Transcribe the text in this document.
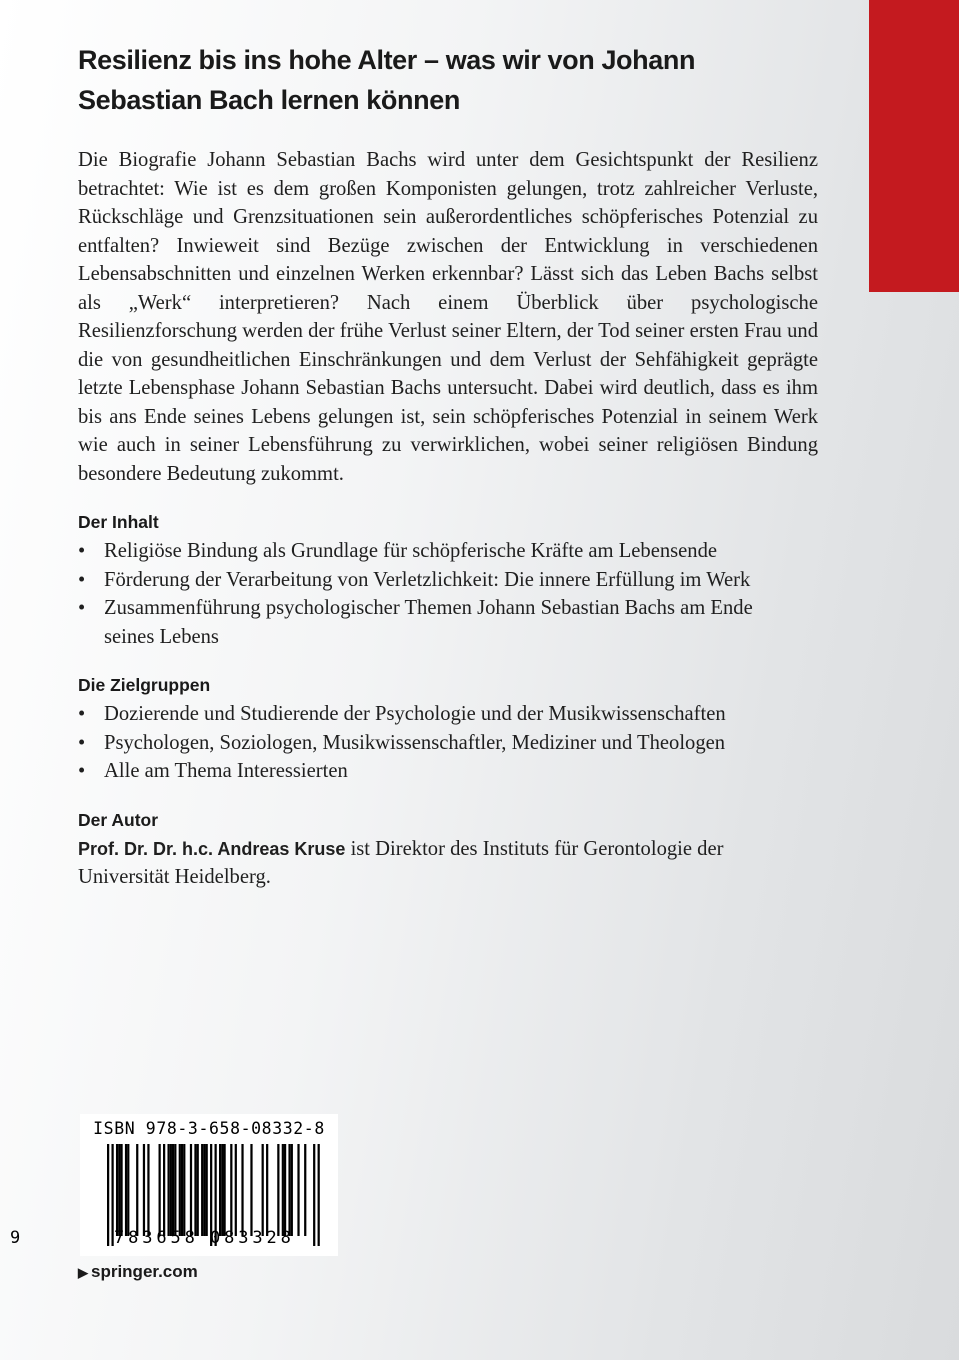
Resilienz bis ins hohe Alter – was wir von Johann Sebastian Bach lernen können

Die Biografie Johann Sebastian Bachs wird unter dem Gesichtspunkt der Resilienz betrachtet: Wie ist es dem großen Komponisten gelungen, trotz zahlreicher Verluste, Rückschläge und Grenzsituationen sein außerordentliches schöpferisches Potenzial zu entfalten? Inwieweit sind Bezüge zwischen der Entwicklung in verschiedenen Lebensabschnitten und einzelnen Werken erkennbar? Lässt sich das Leben Bachs selbst als „Werk“ interpretieren? Nach einem Überblick über psychologische Resilienzforschung werden der frühe Verlust seiner Eltern, der Tod seiner ersten Frau und die von gesundheitlichen Einschränkungen und dem Verlust der Sehfähigkeit geprägte letzte Lebensphase Johann Sebastian Bachs untersucht. Dabei wird deutlich, dass es ihm bis ans Ende seines Lebens gelungen ist, sein schöpferisches Potenzial in seinem Werk wie auch in seiner Lebensführung zu verwirklichen, wobei seiner religiösen Bindung besondere Bedeutung zukommt.

Der Inhalt
• Religiöse Bindung als Grundlage für schöpferische Kräfte am Lebensende
• Förderung der Verarbeitung von Verletzlichkeit: Die innere Erfüllung im Werk
• Zusammenführung psychologischer Themen Johann Sebastian Bachs am Ende seines Lebens
Die Zielgruppen
• Dozierende und Studierende der Psychologie und der Musikwissenschaften
• Psychologen, Soziologen, Musikwissenschaftler, Mediziner und Theologen
• Alle am Thema Interessierten
Der Autor

Prof. Dr. Dr. h.c. Andreas Kruse ist Direktor des Instituts für Gerontologie der Universität Heidelberg.

ISBN 978-3-658-08332-8
9	783658 083328
▶ springer.com
